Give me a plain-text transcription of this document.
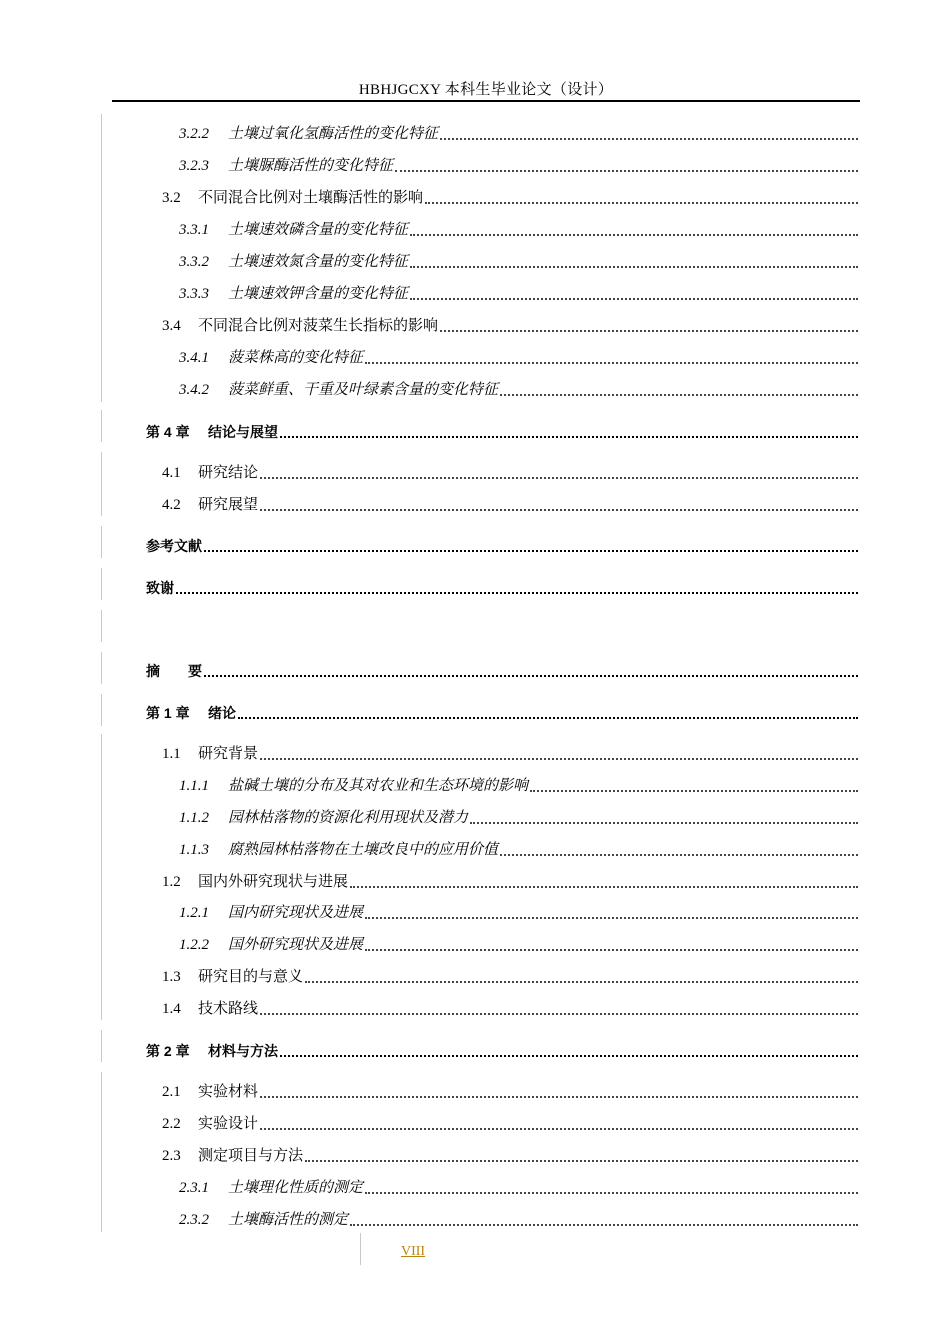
HBHJGCXY 本科生毕业论文（设计）
3.2.2	土壤过氧化氢酶活性的变化特征
3.2.3	土壤脲酶活性的变化特征
3.2	不同混合比例对土壤酶活性的影响
3.3.1	土壤速效磷含量的变化特征
3.3.2	土壤速效氮含量的变化特征
3.3.3	土壤速效钾含量的变化特征
3.4	不同混合比例对菠菜生长指标的影响
3.4.1	菠菜株高的变化特征
3.4.2	菠菜鲜重、干重及叶绿素含量的变化特征
第 4 章	结论与展望
4.1	研究结论
4.2	研究展望
参考文献
致谢
摘　　要
第 1 章	绪论
1.1	研究背景
1.1.1	盐碱土壤的分布及其对农业和生态环境的影响
1.1.2	园林枯落物的资源化利用现状及潜力
1.1.3	腐熟园林枯落物在土壤改良中的应用价值
1.2	国内外研究现状与进展
1.2.1	国内研究现状及进展
1.2.2	国外研究现状及进展
1.3	研究目的与意义
1.4	技术路线
第 2 章	材料与方法
2.1	实验材料
2.2	实验设计
2.3	测定项目与方法
2.3.1	土壤理化性质的测定
2.3.2	土壤酶活性的测定
VIII
